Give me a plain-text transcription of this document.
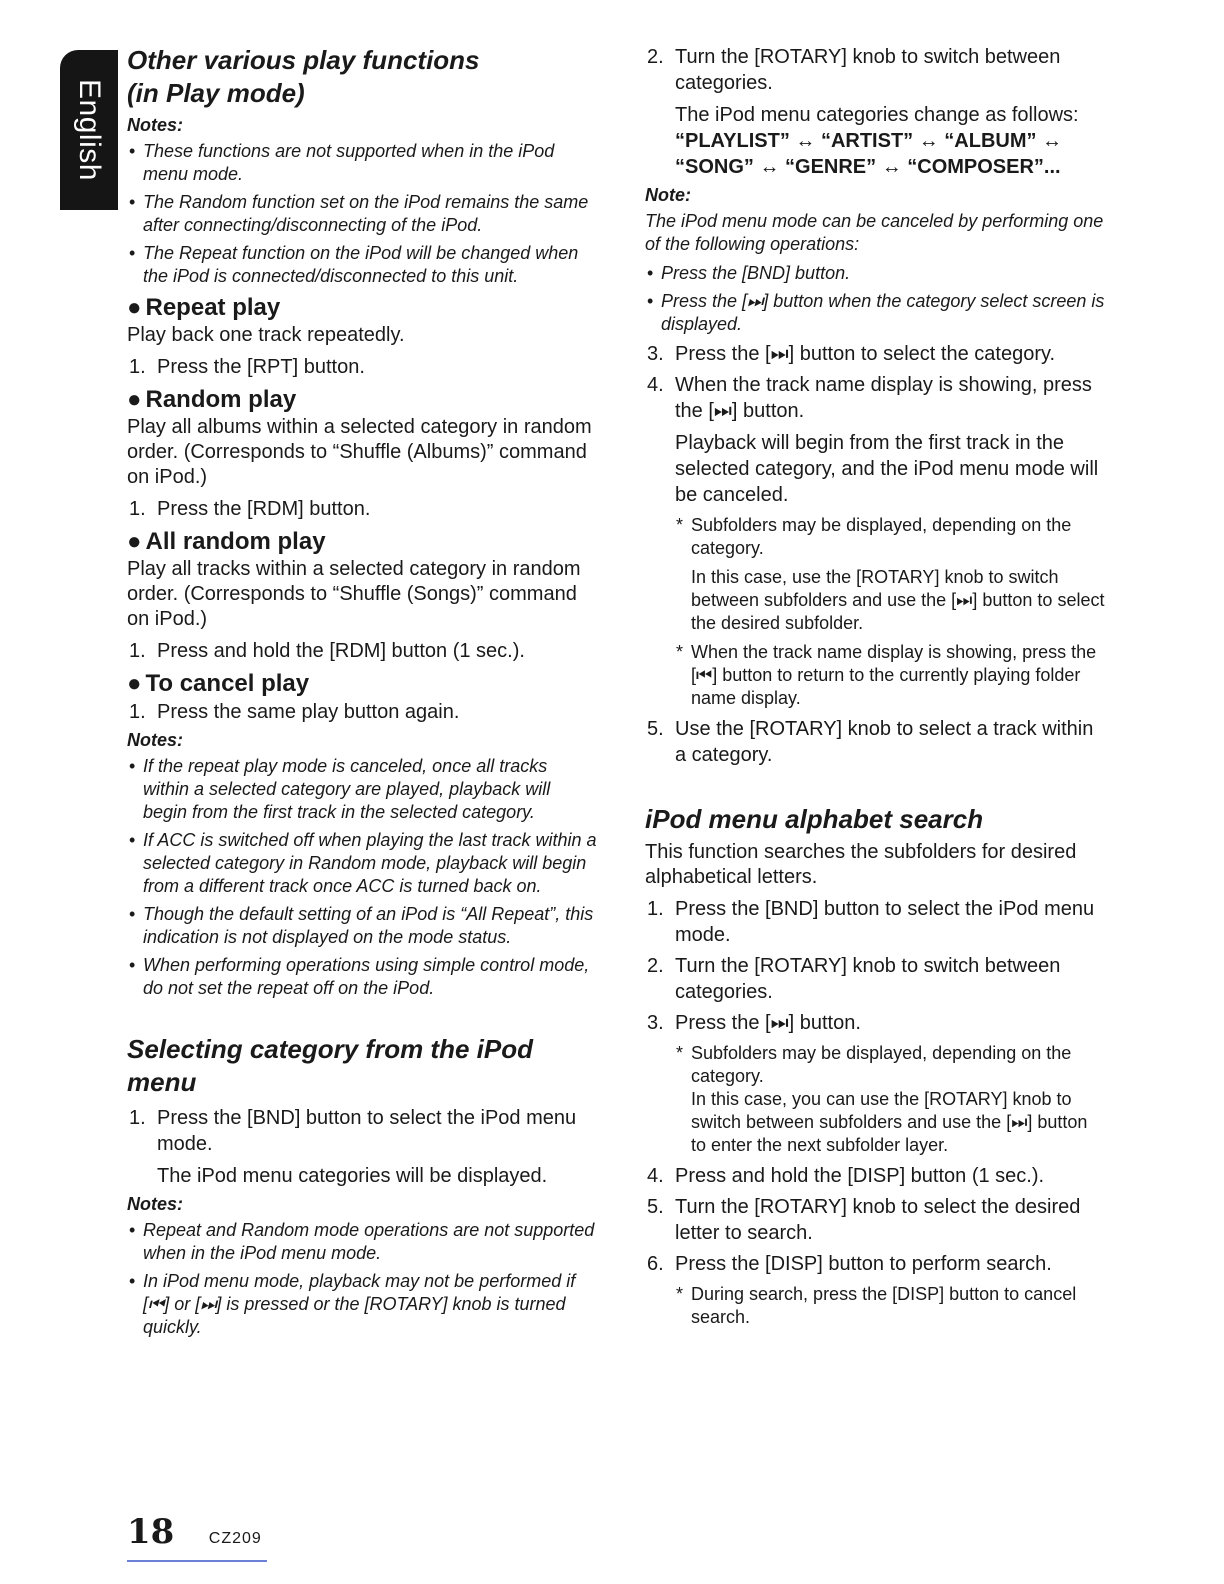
English
Other various play functions
(in Play mode)
Notes:
• These functions are not supported when in the iPod menu mode.
• The Random function set on the iPod remains the same after connecting/disconnecting of the iPod.
• The Repeat function on the iPod will be changed when the iPod is connected/disconnected to this unit.
● Repeat play

Play back one track repeatedly.

1. Press the [RPT] button.

● Random play

Play all albums within a selected category in random order. (Corresponds to “Shuffle (Albums)” command on iPod.)

1. Press the [RDM] button.

● All random play

Play all tracks within a selected category in random order. (Corresponds to “Shuffle (Songs)” command on iPod.)

1. Press and hold the [RDM] button (1 sec.).

● To cancel play
1. Press the same play button again.

Notes:
• If the repeat play mode is canceled, once all tracks within a selected category are played, playback will begin from the first track in the selected category.
• If ACC is switched off when playing the last track within a selected category in Random mode, playback will begin from a different track once ACC is turned back on.
• Though the default setting of an iPod is “All Repeat”, this indication is not displayed on the mode status.
• When performing operations using simple control mode, do not set the repeat off on the iPod.
Selecting category from the iPod menu
1. Press the [BND] button to select the iPod menu mode.

The iPod menu categories will be displayed.

Notes:
• Repeat and Random mode operations are not supported when in the iPod menu mode.
• In iPod menu mode, playback may not be performed if [⏮] or [⏭] is pressed or the [ROTARY] knob is turned quickly.
2. Turn the [ROTARY] knob to switch between categories.

The iPod menu categories change as follows:

“PLAYLIST” ↔ “ARTIST” ↔ “ALBUM” ↔ “SONG” ↔ “GENRE” ↔ “COMPOSER”...

Note:

The iPod menu mode can be canceled by performing one of the following operations:

• Press the [BND] button.
• Press the [⏭] button when the category select screen is displayed.
3. Press the [⏭] button to select the category.

4. When the track name display is showing, press the [⏭] button.

Playback will begin from the first track in the selected category, and the iPod menu mode will be canceled.

* Subfolders may be displayed, depending on the category.

In this case, use the [ROTARY] knob to switch between subfolders and use the [⏭] button to select the desired subfolder.

* When the track name display is showing, press the [⏮] button to return to the currently playing folder name display.

5. Use the [ROTARY] knob to select a track within a category.

iPod menu alphabet search

This function searches the subfolders for desired alphabetical letters.

1. Press the [BND] button to select the iPod menu mode.

2. Turn the [ROTARY] knob to switch between categories.

3. Press the [⏭] button.

* Subfolders may be displayed, depending on the category.

In this case, you can use the [ROTARY] knob to switch between subfolders and use the [⏭] button to enter the next subfolder layer.

4. Press and hold the [DISP] button (1 sec.).

5. Turn the [ROTARY] knob to select the desired letter to search.

6. Press the [DISP] button to perform search.

* During search, press the [DISP] button to cancel search.

18 CZ209
